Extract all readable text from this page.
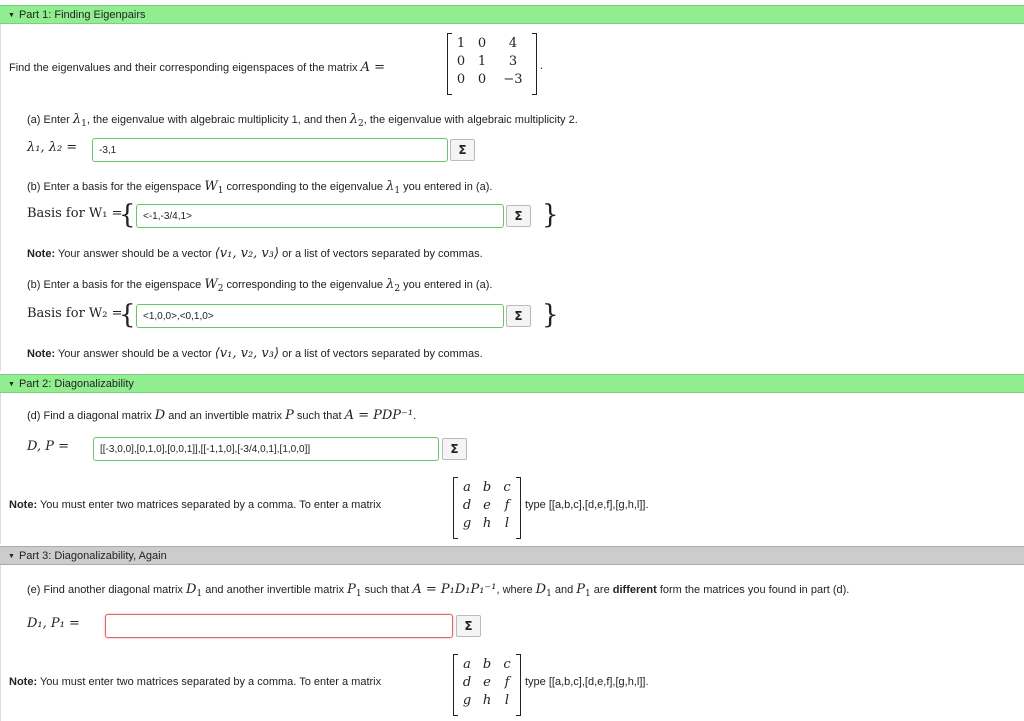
▼ Part 1: Finding Eigenpairs
Find the eigenvalues and their corresponding eigenspaces of the matrix A =
1 0	4
0 1	3
0 0	−3
.
(a) Enter $\lambda_1$, the eigenvalue with algebraic multiplicity 1, and then $\lambda_2$, the eigenvalue with algebraic multiplicity 2.
λ₁, λ₂ =
-3,1	Σ
(b) Enter a basis for the eigenspace $W_1$ corresponding to the eigenvalue $\lambda_1$ you entered in (a).
Basis for W₁ =
{
<-1,-3/4,1>	Σ }
Note: Your answer should be a vector ⟨v₁, v₂, v₃⟩ or a list of vectors separated by commas.
(b) Enter a basis for the eigenspace $W_2$ corresponding to the eigenvalue $\lambda_2$ you entered in (a).
Basis for W₂ =
{
<1,0,0>,<0,1,0>	Σ }
Note: Your answer should be a vector ⟨v₁, v₂, v₃⟩ or a list of vectors separated by commas.
▼ Part 2: Diagonalizability
(d) Find a diagonal matrix D and an invertible matrix P such that A = PDP⁻¹.
D, P =
[[-3,0,0],[0,1,0],[0,0,1]],[[-1,1,0],[-3/4,0,1],[1,0,0]]	Σ
Note: You must enter two matrices separated by a comma. To enter a matrix
a b c
d e	f
g h	l
type [[a,b,c],[d,e,f],[g,h,l]].
▼ Part 3: Diagonalizability, Again
(e) Find another diagonal matrix $D_1$ and another invertible matrix $P_1$ such that A = P₁D₁P₁⁻¹, where $D_1$ and $P_1$ are different form the matrices you found in part (d).
D₁, P₁ =	Σ
Note: You must enter two matrices separated by a comma. To enter a matrix
a b c
d e	f
g h	l
type [[a,b,c],[d,e,f],[g,h,l]].
